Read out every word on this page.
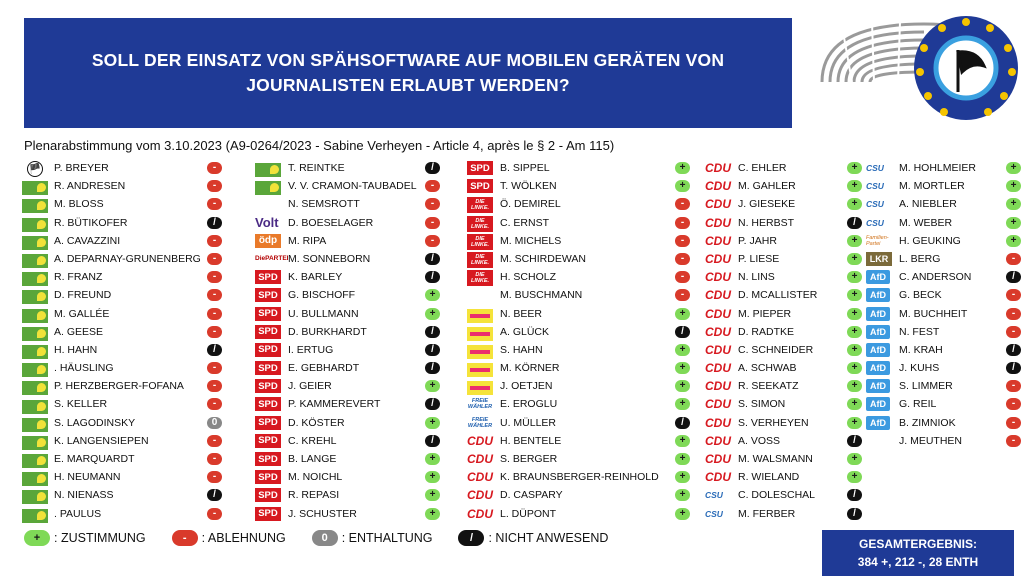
SOLL DER EINSATZ VON SPÄHSOFTWARE AUF MOBILEN GERÄTEN VON
JOURNALISTEN ERLAUBT WERDEN?
Plenarabstimmung vom 3.10.2023 (A9-0264/2023 - Sabine Verheyen - Article 4, après le § 2 - Am 115)
🏴 P. BREYER	-
R. ANDRESEN	-
M. BLOSS	-
R. BÜTIKOFER	/
A. CAVAZZINI	-
A. DEPARNAY-GRUNENBERG	-
R. FRANZ	-
D. FREUND	-
M. GALLÉE	-
A. GEESE	-
H. HAHN	/
. HÄUSLING	-
P. HERZBERGER-FOFANA	-
S. KELLER	-
S. LAGODINSKY	0
K. LANGENSIEPEN	-
E. MARQUARDT	-
H. NEUMANN	-
N. NIENASS	/
. PAULUS	-
T. REINTKE	/
V. V. CRAMON-TAUBADEL	-
N. SEMSROTT	-
Volt D. BOESELAGER	-
ödp	M. RIPA	-
DiePARTEI M. SONNEBORN	/
SPD K. BARLEY	/
SPD G. BISCHOFF	+
SPD U. BULLMANN	+
SPD D. BURKHARDT	/
SPD I. ERTUG	/
SPD E. GEBHARDT	/
SPD J. GEIER	+
SPD P. KAMMEREVERT	/
SPD D. KÖSTER	+
SPD C. KREHL	/
SPD B. LANGE	+
SPD M. NOICHL	+
SPD R. REPASI	+
SPD J. SCHUSTER	+
SPD B. SIPPEL	+
SPD T. WÖLKEN	+
DIE LINKE.	Ö. DEMIREL	-
DIE LINKE.	C. ERNST	-
DIE LINKE.	M. MICHELS	-
DIE LINKE.	M. SCHIRDEWAN	-
DIE LINKE.	H. SCHOLZ	-
M. BUSCHMANN	-
N. BEER	+
A. GLÜCK	/
S. HAHN	+
M. KÖRNER	+
J. OETJEN	+
FREIE WÄHLER E. EROGLU	+
FREIE WÄHLER U. MÜLLER	/
CDU H. BENTELE	+
CDU S. BERGER	+
CDU K. BRAUNSBERGER-REINHOLD	+
CDU D. CASPARY	+
CDU L. DÜPONT	+
CDU C. EHLER	+
CDU M. GAHLER	+
CDU J. GIESEKE	+
CDU N. HERBST	/
CDU P. JAHR	+
CDU P. LIESE	+
CDU N. LINS	+
CDU D. MCALLISTER	+
CDU M. PIEPER	+
CDU D. RADTKE	+
CDU C. SCHNEIDER	+
CDU A. SCHWAB	+
CDU R. SEEKATZ	+
CDU S. SIMON	+
CDU S. VERHEYEN	+
CDU A. VOSS	/
CDU M. WALSMANN	+
CDU R. WIELAND	+
CSU	C. DOLESCHAL	/
CSU	M. FERBER	/
CSU	M. HOHLMEIER	+
CSU	M. MORTLER	+
CSU	A. NIEBLER	+
CSU	M. WEBER	+
Familien-Partei	H. GEUKING	+
LKR	L. BERG	-
AfD	C. ANDERSON	/
AfD	G. BECK	-
AfD	M. BUCHHEIT	-
AfD	N. FEST	-
AfD	M. KRAH	/
AfD	J. KUHS	/
AfD	S. LIMMER	-
AfD	G. REIL	-
AfD	B. ZIMNIOK	-
J. MEUTHEN	-
+	: ZUSTIMMUNG	-	: ABLEHNUNG	0	: ENTHALTUNG	/	: NICHT ANWESEND	GESAMTERGEBNIS:
384 +, 212 -, 28 ENTH
